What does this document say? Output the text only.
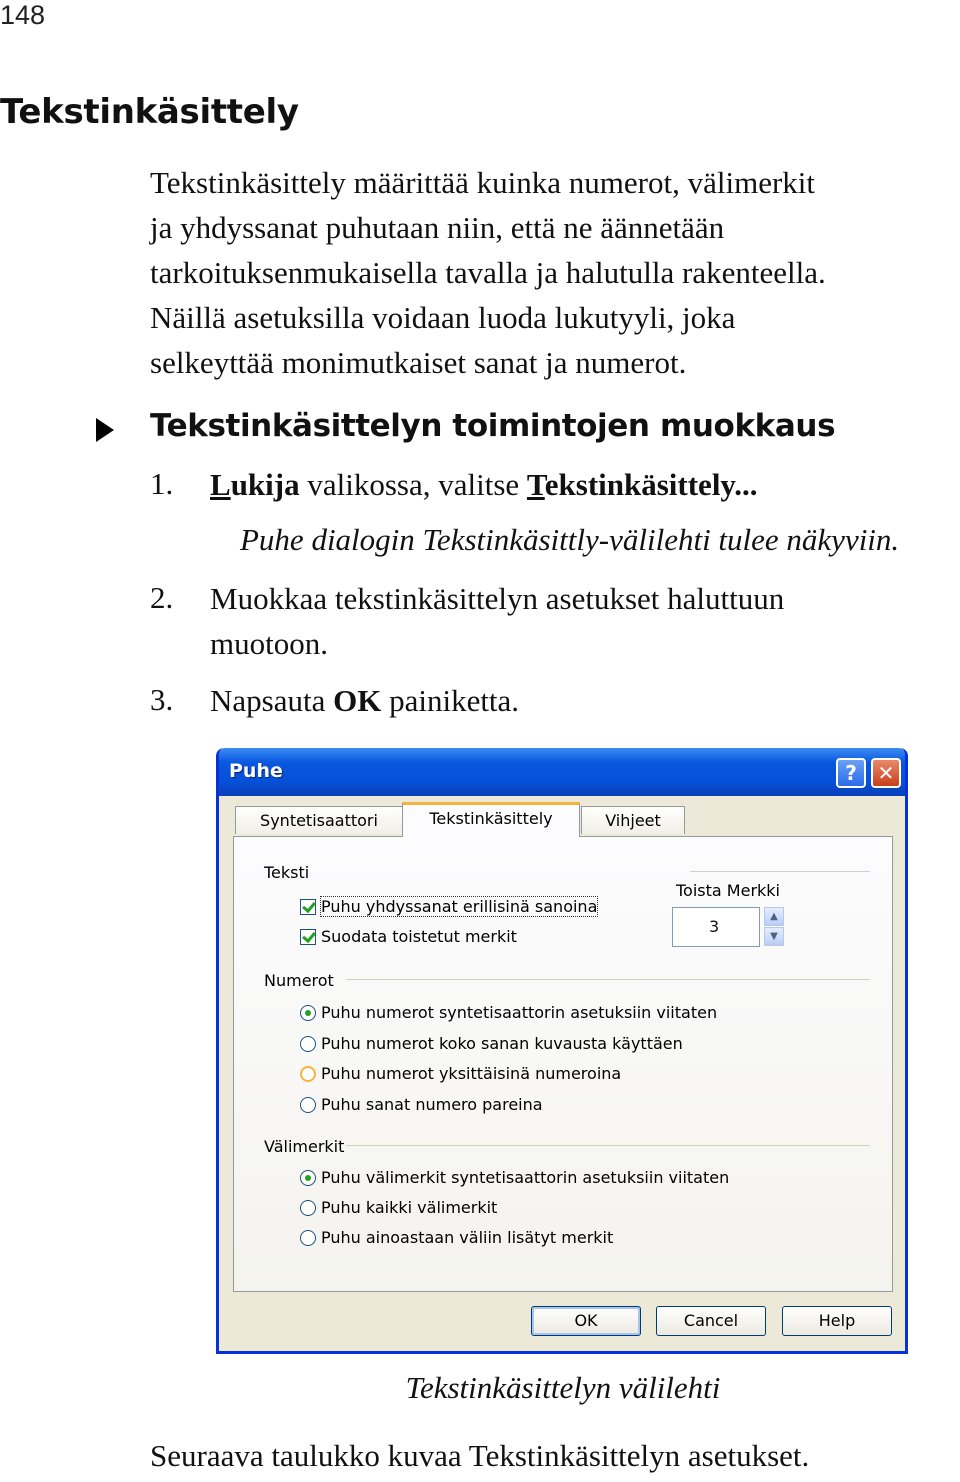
148
Tekstinkäsittely
Tekstinkäsittely määrittää kuinka numerot, välimerkit
ja yhdyssanat puhutaan niin, että ne äännetään
tarkoituksenmukaisella tavalla ja halutulla rakenteella.
Näillä asetuksilla voidaan luoda lukutyyli, joka
selkeyttää monimutkaiset sanat ja numerot.
Tekstinkäsittelyn toimintojen muokkaus
1. Lukija valikossa, valitse Tekstinkäsittely...
Puhe dialogin Tekstinkäsittly-välilehti tulee näkyviin.
2. Muokkaa tekstinkäsittelyn asetukset haluttuun
muotoon.
3. Napsauta OK painiketta.
Puhe	?	✕
Syntetisaattori	Tekstinkäsittely	Vihjeet
Teksti
Puhu yhdyssanat erillisinä sanoina
Suodata toistetut merkit
Toista Merkki
3
▲
▼
Numerot
Puhu numerot syntetisaattorin asetuksiin viitaten
Puhu numerot koko sanan kuvausta käyttäen
Puhu numerot yksittäisinä numeroina
Puhu sanat numero pareina
Välimerkit
Puhu välimerkit syntetisaattorin asetuksiin viitaten
Puhu kaikki välimerkit
Puhu ainoastaan väliin lisätyt merkit
OK	Cancel	Help
Tekstinkäsittelyn välilehti
Seuraava taulukko kuvaa Tekstinkäsittelyn asetukset.
